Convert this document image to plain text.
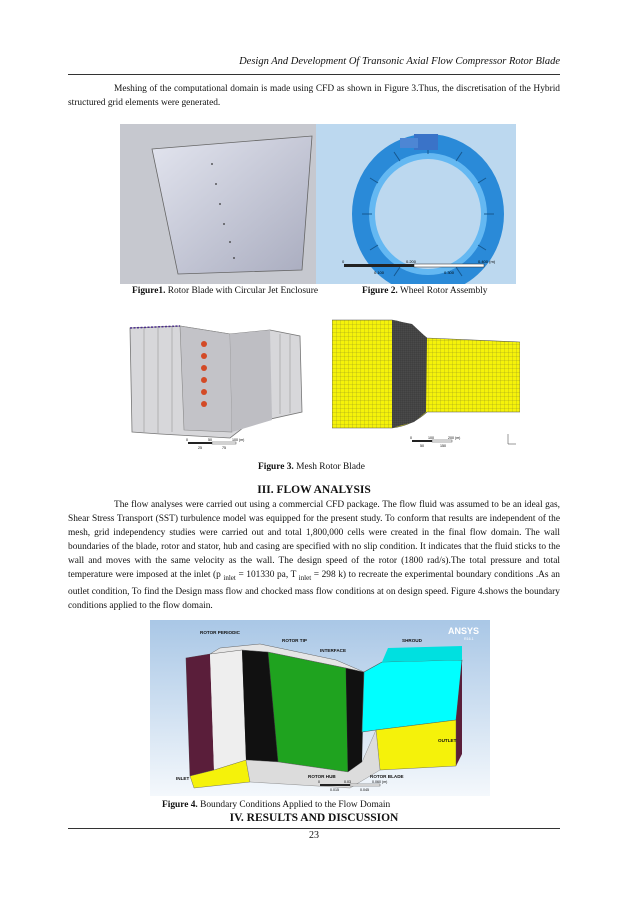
Design And Development Of Transonic Axial Flow Compressor Rotor Blade

Meshing of the computational domain is made using CFD as shown in Figure 3.Thus, the discretisation of the Hybrid structured grid elements were generated.

0	0.200	0.400 (m)
0.100	0.300
Figure1. Rotor Blade with Circular Jet Enclosure	Figure 2. Wheel Rotor Assembly
0	50	100 (m)
25	75
0	100	200 (m)
50	150
Figure 3. Mesh Rotor Blade
III. FLOW ANALYSIS

The flow analyses were carried out using a commercial CFD package. The flow fluid was assumed to be an ideal gas, Shear Stress Transport (SST) turbulence model was equipped for the present study. To conform that results are independent of the mesh, grid independency studies were carried out and total 1,800,000 cells were created in the final flow domain. The wall boundaries of the blade, rotor and stator, hub and casing are specified with no slip condition. It indicates that the fluid sticks to the wall and moves with the same velocity as the wall. The design speed of the rotor (1800 rad/s).The total pressure and total temperature were imposed at the inlet (p $_{inlet}$ = 101330 pa, T $_{inlet}$ = 298 k) to recreate the experimental boundary conditions .As an outlet condition, To find the Design mass flow and chocked mass flow conditions at on design speed. Figure 4.shows the boundary conditions applied to the flow domain.

ROTOR PERIODIC
ROTOR TIP
INTERFACE
SHROUD
OUTLET
INLET	ROTOR HUB	ROTOR BLADE
ANSYS
R16.1
0	0.03	0.060 (m)
0.015	0.045
Figure 4. Boundary Conditions Applied to the Flow Domain
IV. RESULTS AND DISCUSSION
23
